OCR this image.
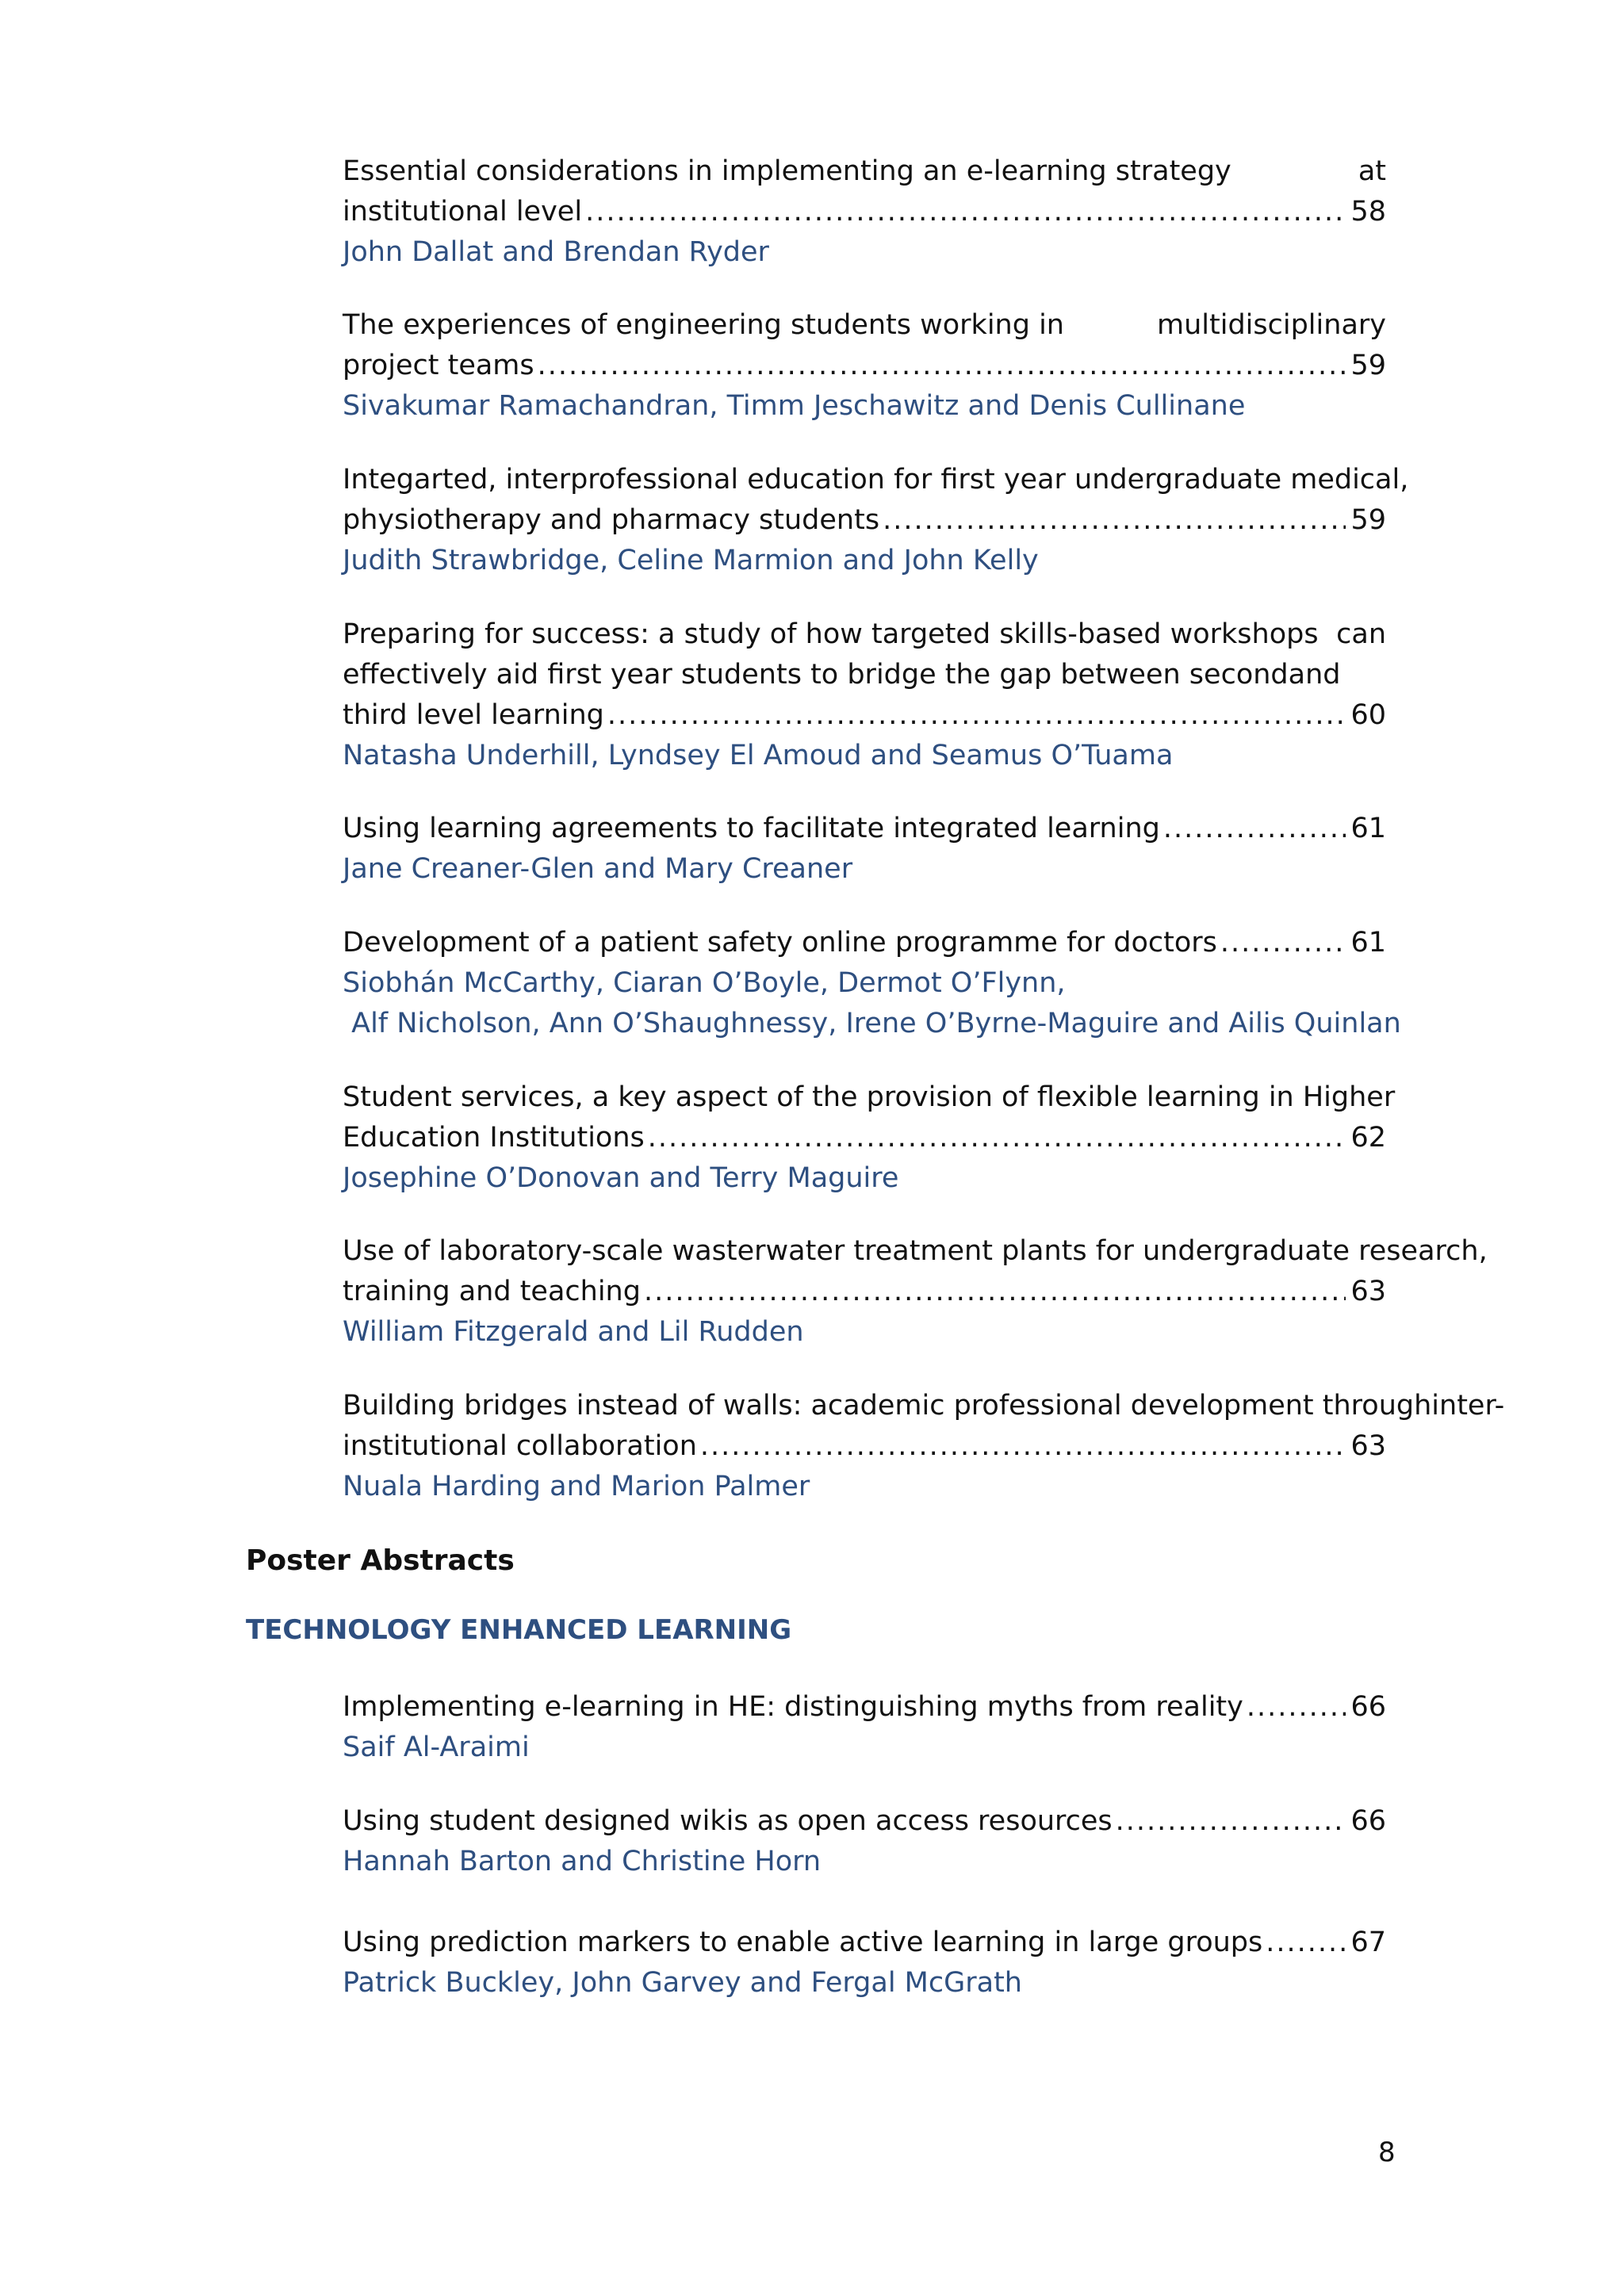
Essential considerations in implementing an e-learning strategy	at
institutional level .....	58
John Dallat and Brendan Ryder
The experiences of engineering students working in	multidisciplinary
project teams .....	59
Sivakumar Ramachandran, Timm Jeschawitz and Denis Cullinane
Integarted, interprofessional education for first year undergraduate medical,
physiotherapy and pharmacy students .....	59
Judith Strawbridge, Celine Marmion and John Kelly
Preparing for success: a study of how targeted skills-based workshops can
effectively aid first year students to bridge the gap between second and
third level learning .....	60
Natasha Underhill, Lyndsey El Amoud and Seamus O’Tuama
Using learning agreements to facilitate integrated learning .....	61
Jane Creaner-Glen and Mary Creaner
Development of a patient safety online programme for doctors .....	61
Siobhán McCarthy, Ciaran O’Boyle, Dermot O’Flynn,
Alf Nicholson, Ann O’Shaughnessy, Irene O’Byrne-Maguire and Ailis Quinlan
Student services, a key aspect of the provision of flexible learning in Higher
Education Institutions .....	62
Josephine O’Donovan and Terry Maguire
Use of laboratory-scale wasterwater treatment plants for undergraduate research,
training and teaching .....	63
William Fitzgerald and Lil Rudden
Building bridges instead of walls: academic professional development through inter-
institutional collaboration .....	63
Nuala Harding and Marion Palmer
Poster Abstracts
TECHNOLOGY ENHANCED LEARNING
Implementing e-learning in HE: distinguishing myths from reality .....	66
Saif Al-Araimi
Using student designed wikis as open access resources .....	66
Hannah Barton and Christine Horn
Using prediction markers to enable active learning in large groups .....	67
Patrick Buckley, John Garvey and Fergal McGrath
8
